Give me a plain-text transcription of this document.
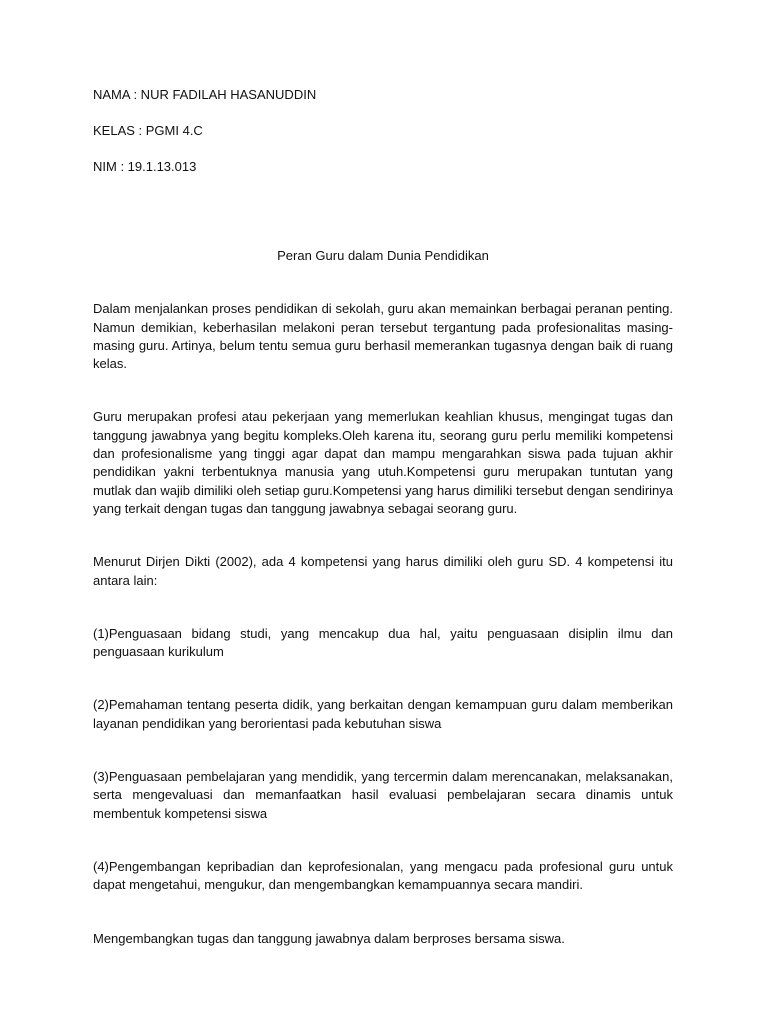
NAMA : NUR FADILAH HASANUDDIN
KELAS : PGMI 4.C
NIM : 19.1.13.013
Peran Guru dalam Dunia Pendidikan
Dalam menjalankan proses pendidikan di sekolah, guru akan memainkan berbagai peranan penting. Namun demikian, keberhasilan melakoni peran tersebut tergantung pada profesionalitas masing-masing guru. Artinya, belum tentu semua guru berhasil memerankan tugasnya dengan baik di ruang kelas.
Guru merupakan profesi atau pekerjaan yang memerlukan keahlian khusus, mengingat tugas dan tanggung jawabnya yang begitu kompleks.Oleh karena itu, seorang guru perlu memiliki kompetensi dan profesionalisme yang tinggi agar dapat dan mampu mengarahkan siswa pada tujuan akhir pendidikan yakni terbentuknya manusia yang utuh.Kompetensi guru merupakan tuntutan yang mutlak dan wajib dimiliki oleh setiap guru.Kompetensi yang harus dimiliki tersebut dengan sendirinya yang terkait dengan tugas dan tanggung jawabnya sebagai seorang guru.
Menurut Dirjen Dikti (2002), ada 4 kompetensi yang harus dimiliki oleh guru SD. 4 kompetensi itu antara lain:
(1)Penguasaan bidang studi, yang mencakup dua hal, yaitu penguasaan disiplin ilmu dan penguasaan kurikulum
(2)Pemahaman tentang peserta didik, yang berkaitan dengan kemampuan guru dalam memberikan layanan pendidikan yang berorientasi pada kebutuhan siswa
(3)Penguasaan pembelajaran yang mendidik, yang tercermin dalam merencanakan, melaksanakan, serta mengevaluasi dan memanfaatkan hasil evaluasi pembelajaran secara dinamis untuk membentuk kompetensi siswa
(4)Pengembangan kepribadian dan keprofesionalan, yang mengacu pada profesional guru untuk dapat mengetahui, mengukur, dan mengembangkan kemampuannya secara mandiri.
Mengembangkan tugas dan tanggung jawabnya dalam berproses bersama siswa.
